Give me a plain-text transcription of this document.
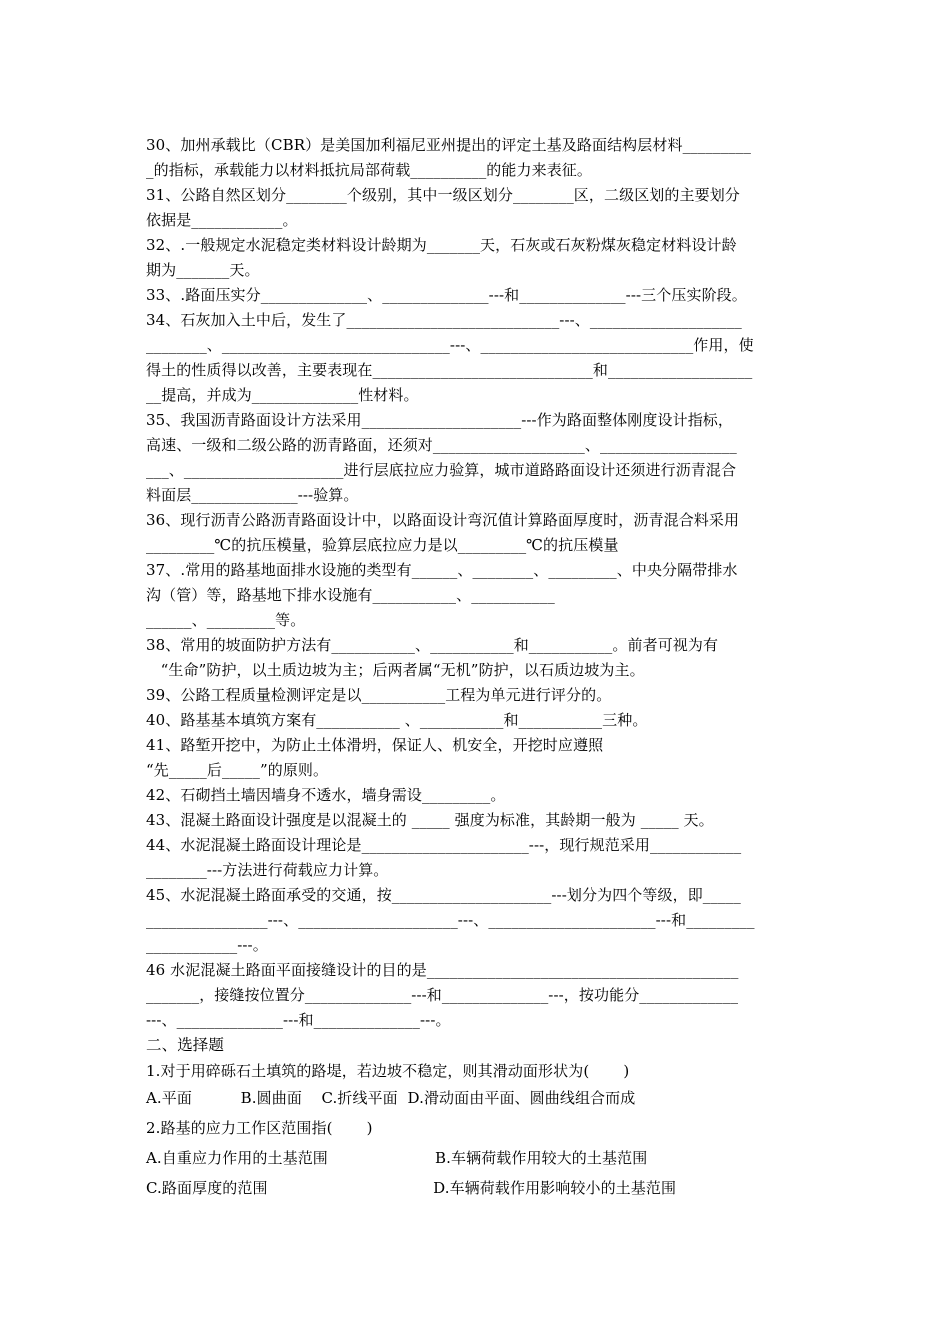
30、加州承载比（CBR）是美国加利福尼亚州提出的评定土基及路面结构层材料_________
_的指标，承载能力以材料抵抗局部荷载__________的能力来表征。
31、公路自然区划分________个级别，其中一级区划分________区，二级区划的主要划分
依据是____________。
32、.一般规定水泥稳定类材料设计龄期为_______天，石灰或石灰粉煤灰稳定材料设计龄
期为_______天。
33、.路面压实分______________、______________---和______________---三个压实阶段。
34、石灰加入土中后，发生了____________________________---、____________________
________、______________________________---、____________________________作用，使
得土的性质得以改善，主要表现在_____________________________和___________________
__提高，并成为______________性材料。
35、我国沥青路面设计方法采用_____________________---作为路面整体刚度设计指标，
高速、一级和二级公路的沥青路面，还须对____________________、__________________
___、_____________________进行层底拉应力验算，城市道路路面设计还须进行沥青混合
料面层______________---验算。
36、现行沥青公路沥青路面设计中，以路面设计弯沉值计算路面厚度时，沥青混合料采用
_________℃的抗压模量，验算层底拉应力是以_________℃的抗压模量
37、.常用的路基地面排水设施的类型有______、________、_________、中央分隔带排水
沟（管）等，路基地下排水设施有___________、___________
______、_________等。
38、常用的坡面防护方法有___________、___________和___________。前者可视为有
“生命”防护，以土质边坡为主；后两者属“无机”防护，以石质边坡为主。
39、公路工程质量检测评定是以___________工程为单元进行评分的。
40、路基基本填筑方案有___________ 、___________和___________三种。
41、路堑开挖中，为防止土体滑坍，保证人、机安全，开挖时应遵照
“先_____后_____”的原则。
42、石砌挡土墙因墙身不透水，墙身需设_________。
43、混凝土路面设计强度是以混凝土的 _____ 强度为标准，其龄期一般为 _____ 天。
44、水泥混凝土路面设计理论是______________________---，现行规范采用____________
________---方法进行荷载应力计算。
45、水泥混凝土路面承受的交通，按_____________________---划分为四个等级，即_____
________________---、_____________________---、______________________---和_________
____________---。
46 水泥混凝土路面平面接缝设计的目的是_________________________________________
_______，接缝按位置分______________---和______________---，按功能分_____________
---、______________---和______________---。
二、选择题
1.对于用碎砾石土填筑的路堤，若边坡不稳定，则其滑动面形状为(       )
A.平面          B.圆曲面    C.折线平面  D.滑动面由平面、圆曲线组合而成
2.路基的应力工作区范围指(       )
A.自重应力作用的土基范围                      B.车辆荷载作用较大的土基范围
C.路面厚度的范围                                  D.车辆荷载作用影响较小的土基范围
